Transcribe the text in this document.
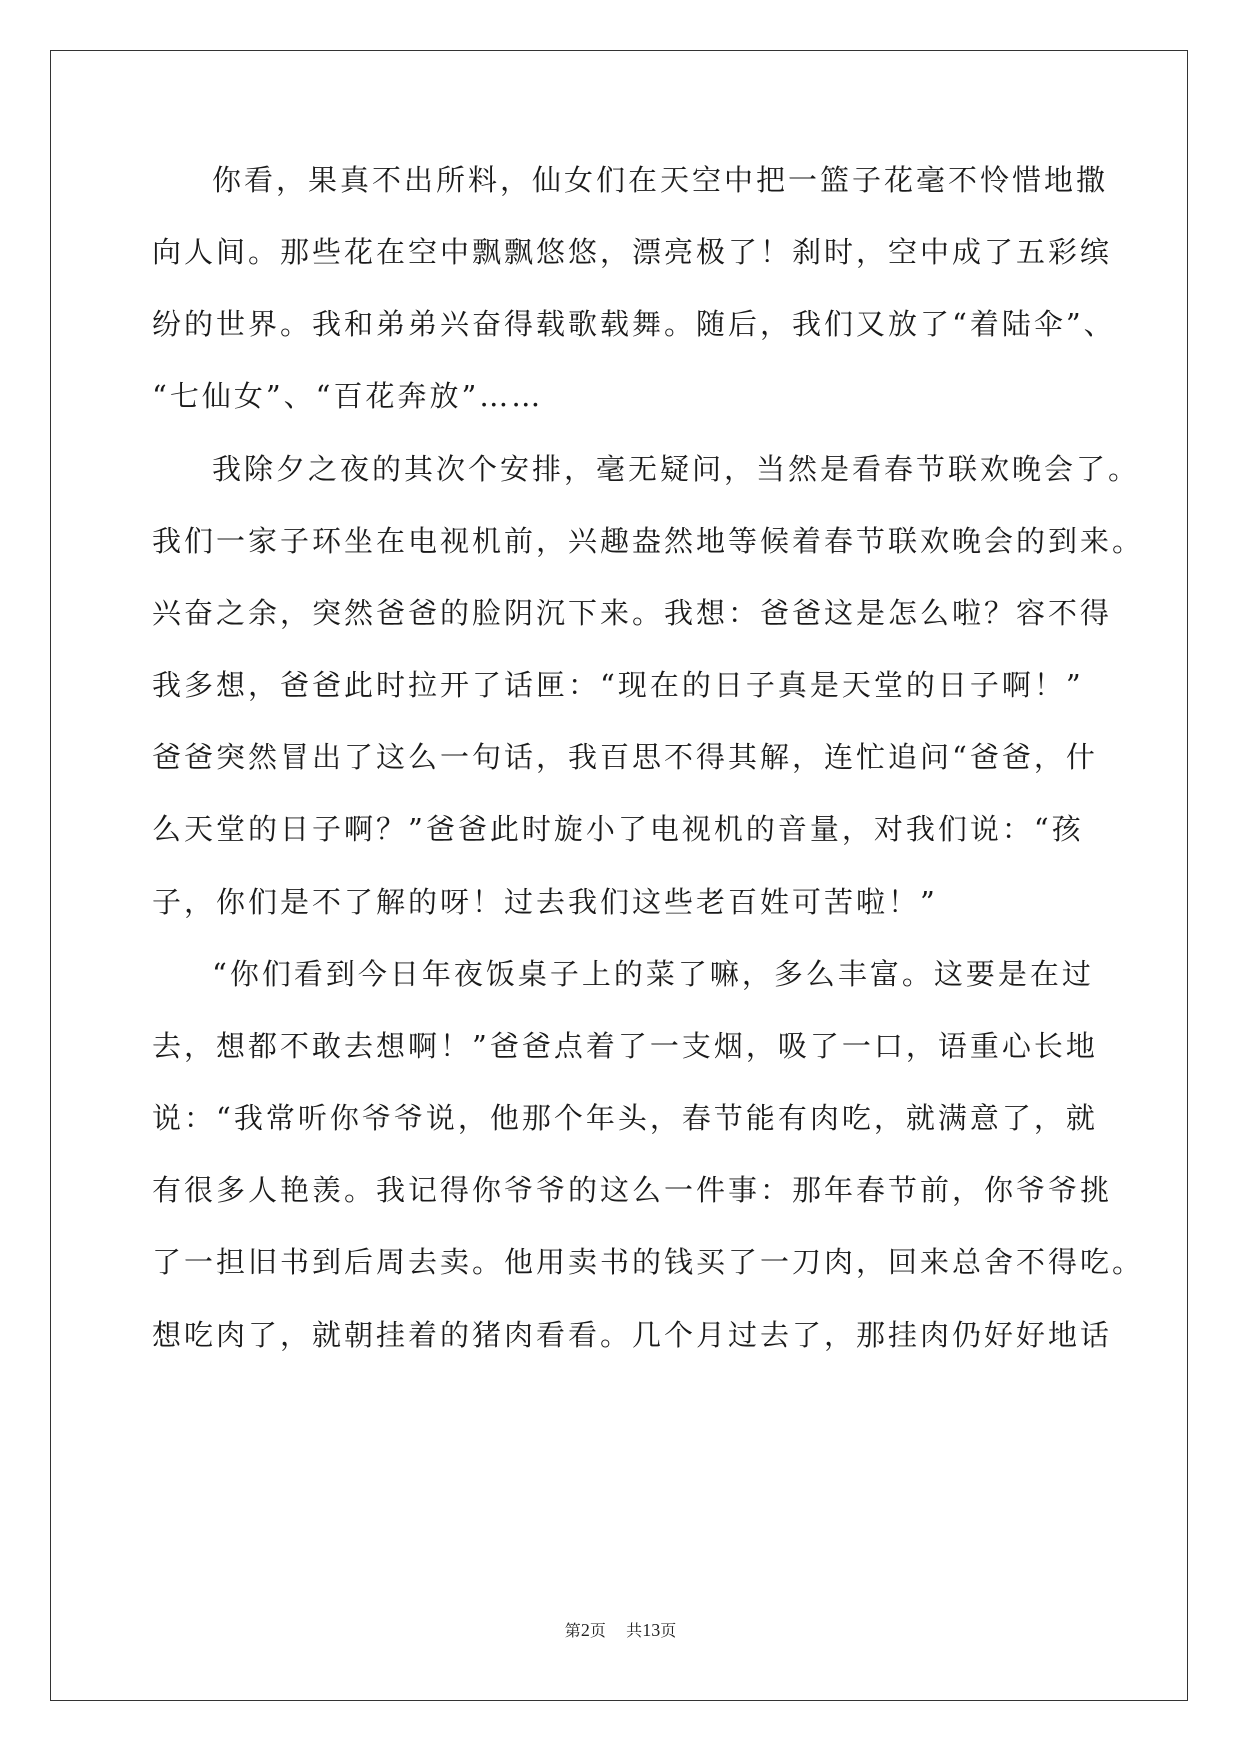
你看，果真不出所料，仙女们在天空中把一篮子花毫不怜惜地撒
向人间。那些花在空中飘飘悠悠，漂亮极了！刹时，空中成了五彩缤
纷的世界。我和弟弟兴奋得载歌载舞。随后，我们又放了“着陆伞”、
“七仙女”、“百花奔放”……
我除夕之夜的其次个安排，毫无疑问，当然是看春节联欢晚会了。
我们一家子环坐在电视机前，兴趣盎然地等候着春节联欢晚会的到来。
兴奋之余，突然爸爸的脸阴沉下来。我想：爸爸这是怎么啦？容不得
我多想，爸爸此时拉开了话匣：“现在的日子真是天堂的日子啊！”
爸爸突然冒出了这么一句话，我百思不得其解，连忙追问“爸爸，什
么天堂的日子啊？”爸爸此时旋小了电视机的音量，对我们说：“孩
子，你们是不了解的呀！过去我们这些老百姓可苦啦！”
“你们看到今日年夜饭桌子上的菜了嘛，多么丰富。这要是在过
去，想都不敢去想啊！”爸爸点着了一支烟，吸了一口，语重心长地
说：“我常听你爷爷说，他那个年头，春节能有肉吃，就满意了，就
有很多人艳羡。我记得你爷爷的这么一件事：那年春节前，你爷爷挑
了一担旧书到后周去卖。他用卖书的钱买了一刀肉，回来总舍不得吃。
想吃肉了，就朝挂着的猪肉看看。几个月过去了，那挂肉仍好好地话
第2页 共13页
